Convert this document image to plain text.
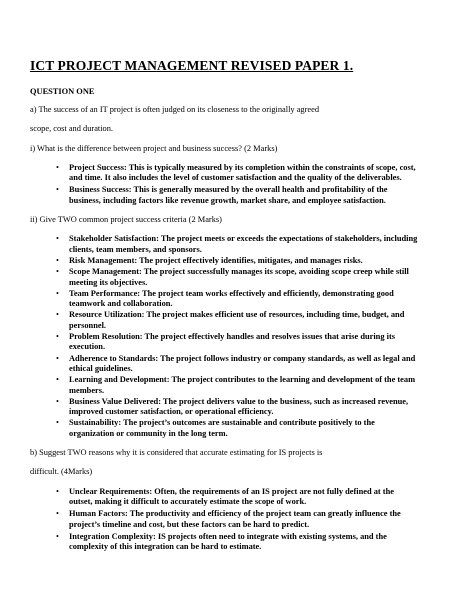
ICT PROJECT MANAGEMENT REVISED PAPER 1.
QUESTION ONE
a) The success of an IT project is often judged on its closeness to the originally agreed
scope, cost and duration.
i) What is the difference between project and business success? (2 Marks)
• Project Success: This is typically measured by its completion within the constraints of scope, cost, and time. It also includes the level of customer satisfaction and the quality of the deliverables.
• Business Success: This is generally measured by the overall health and profitability of the business, including factors like revenue growth, market share, and employee satisfaction.
ii) Give TWO common project success criteria (2 Marks)
• Stakeholder Satisfaction: The project meets or exceeds the expectations of stakeholders, including clients, team members, and sponsors.
• Risk Management: The project effectively identifies, mitigates, and manages risks.
• Scope Management: The project successfully manages its scope, avoiding scope creep while still meeting its objectives.
• Team Performance: The project team works effectively and efficiently, demonstrating good teamwork and collaboration.
• Resource Utilization: The project makes efficient use of resources, including time, budget, and personnel.
• Problem Resolution: The project effectively handles and resolves issues that arise during its execution.
• Adherence to Standards: The project follows industry or company standards, as well as legal and ethical guidelines.
• Learning and Development: The project contributes to the learning and development of the team members.
• Business Value Delivered: The project delivers value to the business, such as increased revenue, improved customer satisfaction, or operational efficiency.
• Sustainability: The project’s outcomes are sustainable and contribute positively to the organization or community in the long term.
b) Suggest TWO reasons why it is considered that accurate estimating for IS projects is
difficult. (4Marks)
• Unclear Requirements: Often, the requirements of an IS project are not fully defined at the outset, making it difficult to accurately estimate the scope of work.
• Human Factors: The productivity and efficiency of the project team can greatly influence the project’s timeline and cost, but these factors can be hard to predict.
• Integration Complexity: IS projects often need to integrate with existing systems, and the complexity of this integration can be hard to estimate.
